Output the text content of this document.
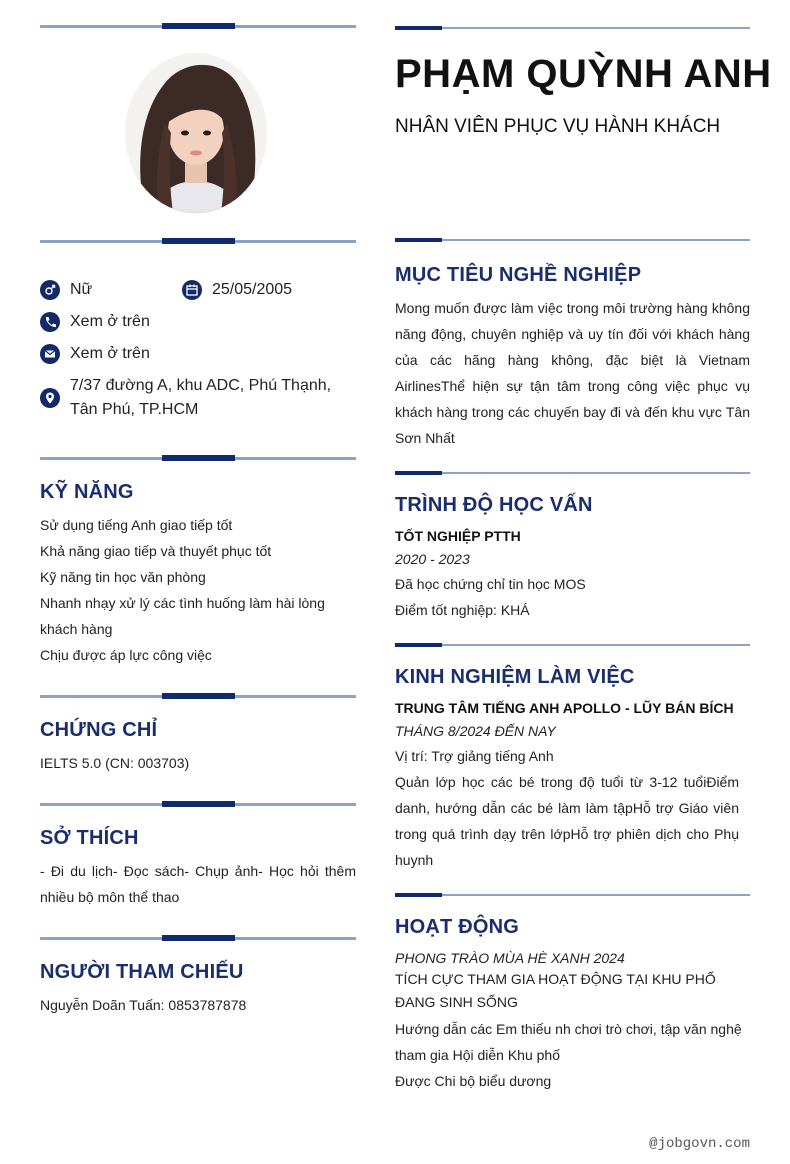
Nữ	25/05/2005
Xem ở trên
Xem ở trên
7/37 đường A, khu ADC, Phú Thạnh, Tân Phú, TP.HCM
KỸ NĂNG
Sử dụng tiếng Anh giao tiếp tốt
Khả năng giao tiếp và thuyết phục tốt
Kỹ năng tin học văn phòng
Nhanh nhạy xử lý các tình huống làm hài lòng khách hàng
Chịu được áp lực công việc
CHỨNG CHỈ
IELTS 5.0 (CN: 003703)
SỞ THÍCH
- Đi du lịch- Đọc sách- Chụp ảnh- Học hỏi thêm nhiều bộ môn thể thao
NGƯỜI THAM CHIẾU
Nguyễn Doãn Tuấn: 0853787878
PHẠM QUỲNH ANH
NHÂN VIÊN PHỤC VỤ HÀNH KHÁCH
MỤC TIÊU NGHỀ NGHIỆP
Mong muốn được làm việc trong môi trường hàng không năng động, chuyên nghiệp và uy tín đối với khách hàng của các hãng hàng không, đặc biệt là Vietnam AirlinesThể hiện sự tận tâm trong công việc phục vụ khách hàng trong các chuyến bay đi và đến khu vực Tân Sơn Nhất
TRÌNH ĐỘ HỌC VẤN
TỐT NGHIỆP PTTH
2020 - 2023
Đã học chứng chỉ tin học MOS
Điểm tốt nghiệp: KHÁ
KINH NGHIỆM LÀM VIỆC
TRUNG TÂM TIẾNG ANH APOLLO - LŨY BÁN BÍCH
THÁNG 8/2024 ĐẾN NAY
Vị trí: Trợ giảng tiếng Anh
Quản lớp học các bé trong độ tuổi từ 3-12 tuổiĐiểm danh, hướng dẫn các bé làm làm tậpHỗ trợ Giáo viên trong quá trình dạy trên lớpHỗ trợ phiên dịch cho Phụ huynh
HOẠT ĐỘNG
PHONG TRÀO MÙA HÈ XANH 2024
TÍCH CỰC THAM GIA HOẠT ĐỘNG TẠI KHU PHỐ ĐANG SINH SỐNG
Hướng dẫn các Em thiếu nh chơi trò chơi, tập văn nghệ tham gia Hội diễn Khu phố
Được Chi bộ biểu dương
@jobgovn.com
